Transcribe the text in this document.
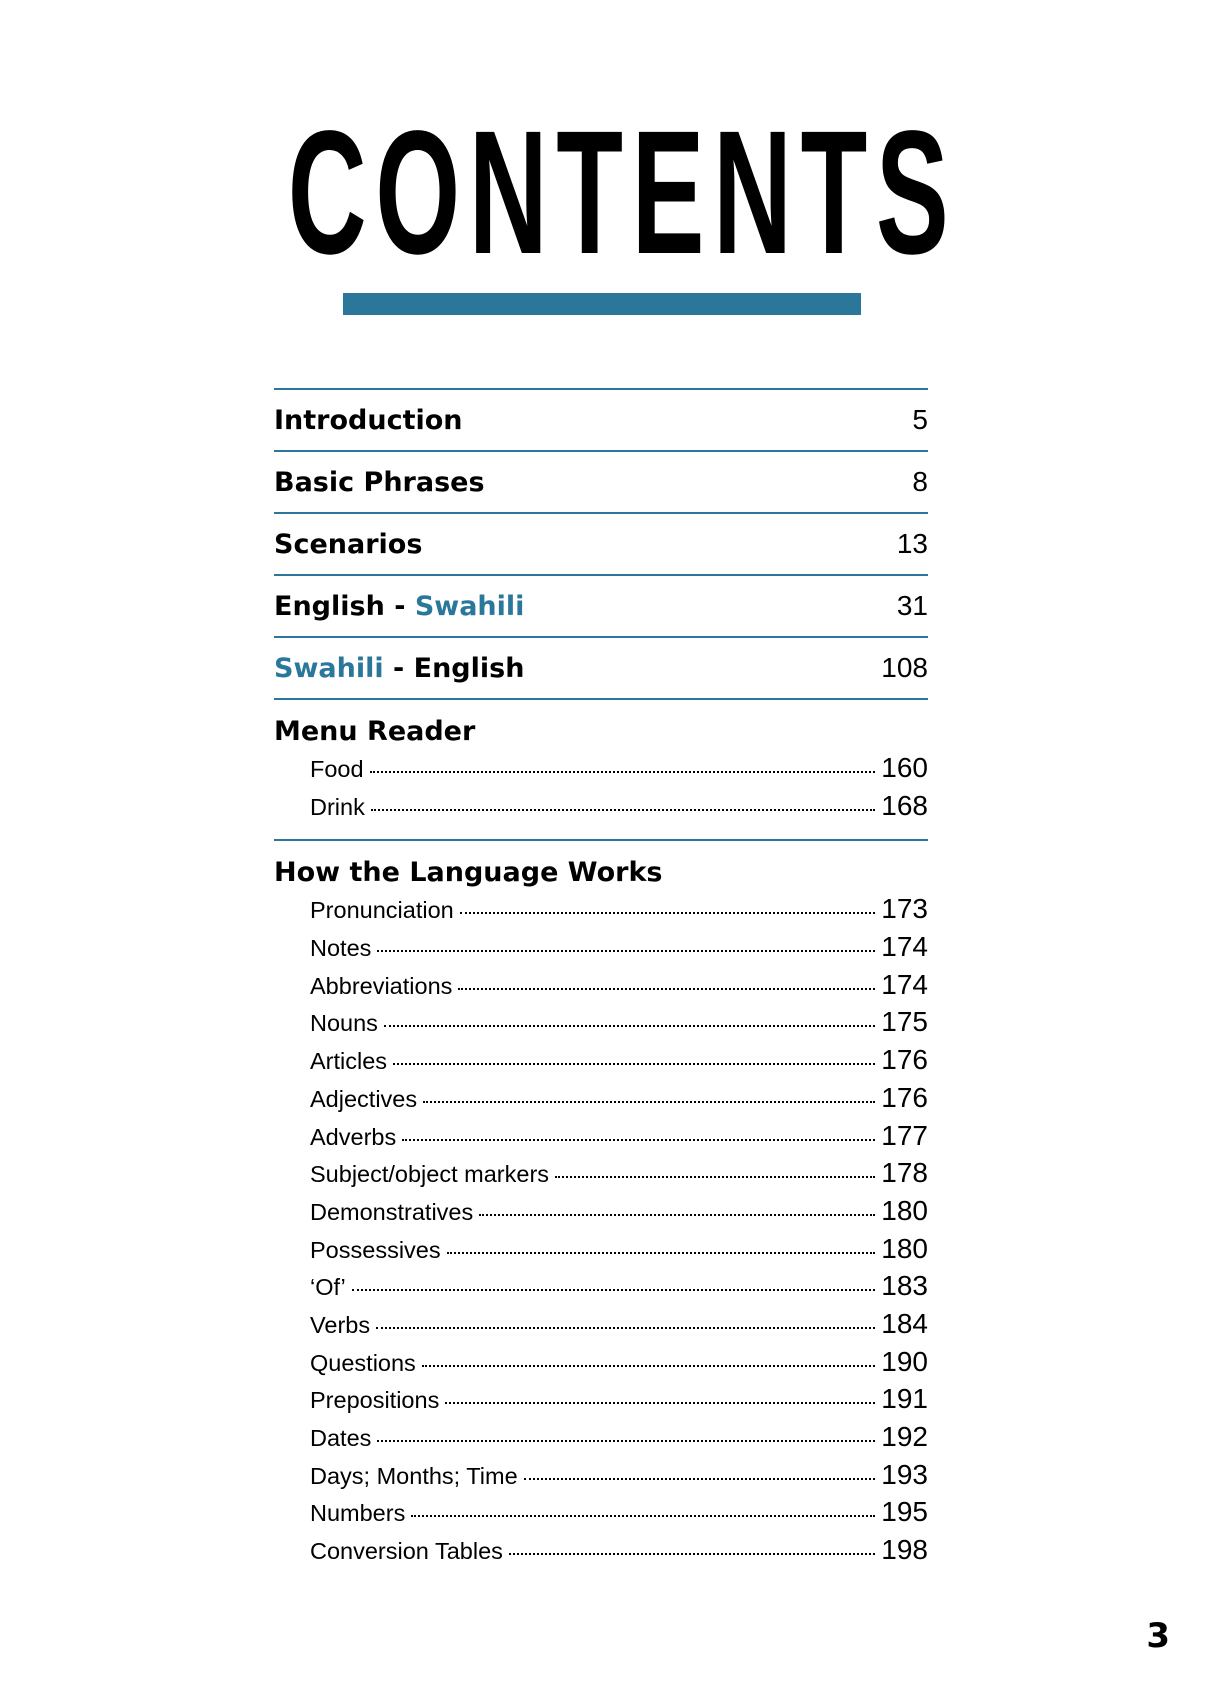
CONTENTS
Introduction	5
Basic Phrases	8
Scenarios	13
English - Swahili	31
Swahili - English	108
Menu Reader
Food	160
Drink	168
How the Language Works
Pronunciation	173
Notes	174
Abbreviations	174
Nouns	175
Articles	176
Adjectives	176
Adverbs	177
Subject/object markers	178
Demonstratives	180
Possessives	180
‘Of’	183
Verbs	184
Questions	190
Prepositions	191
Dates	192
Days; Months; Time	193
Numbers	195
Conversion Tables	198
3
